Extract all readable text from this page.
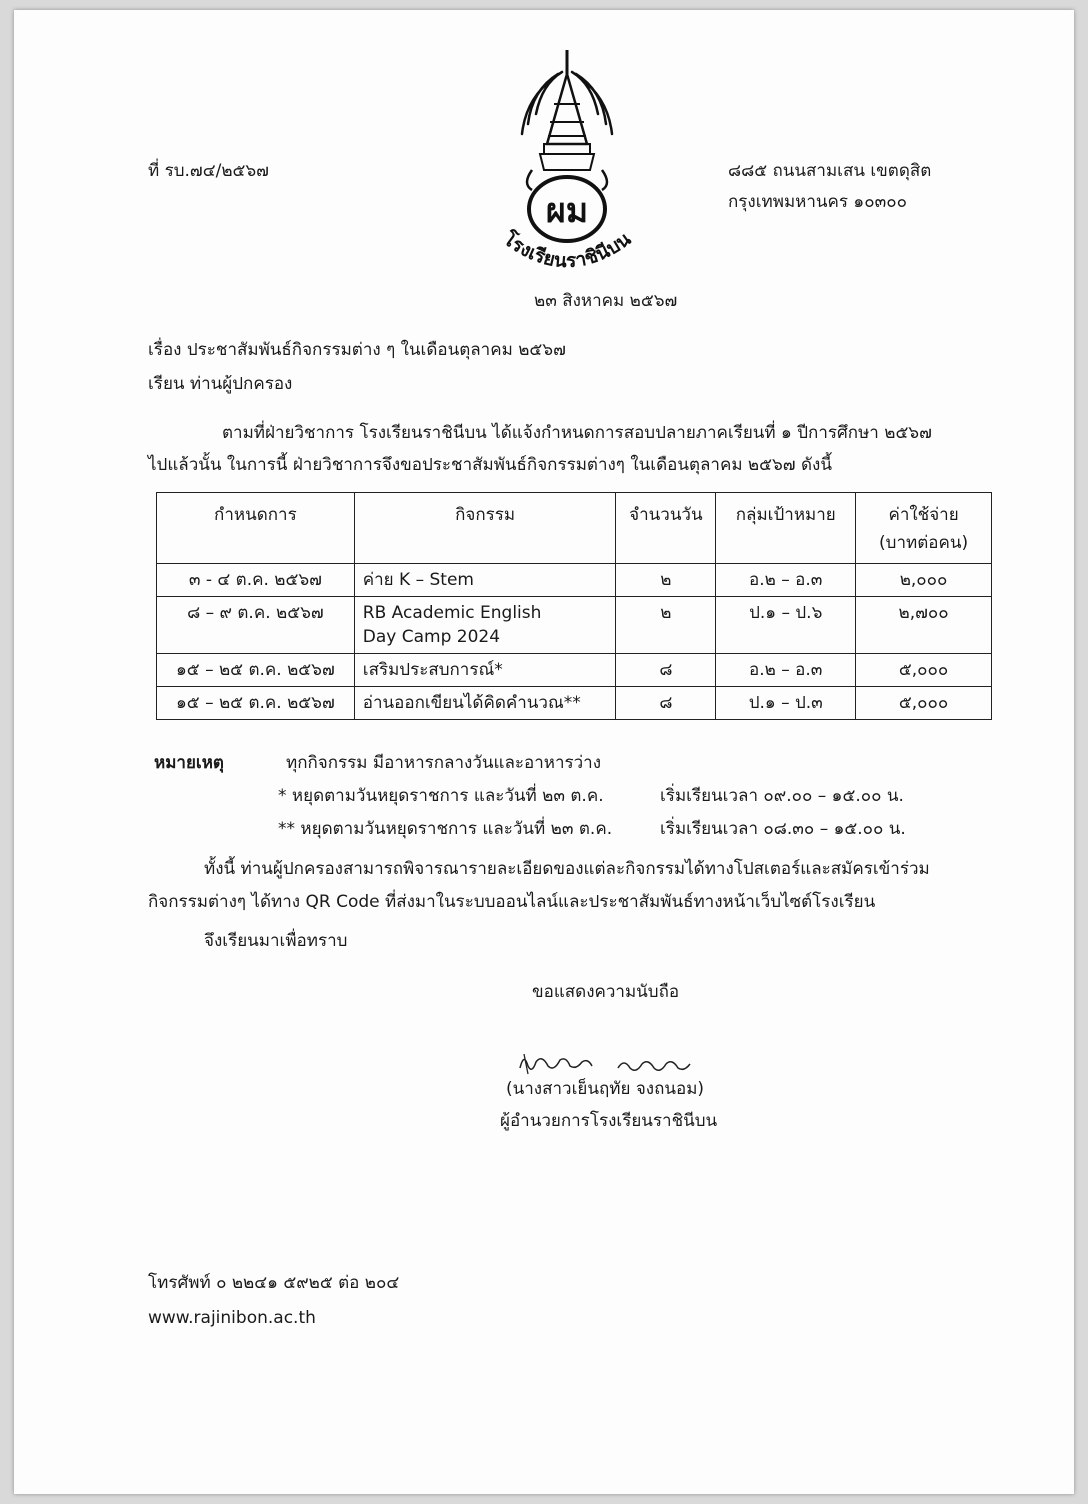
ผม
โรงเรียนราชินีบน
ที่ รบ.๗๔/๒๕๖๗	๘๘๕ ถนนสามเสน เขตดุสิต
กรุงเทพมหานคร ๑๐๓๐๐
๒๓ สิงหาคม ๒๕๖๗
เรื่อง ประชาสัมพันธ์กิจกรรมต่าง ๆ ในเดือนตุลาคม ๒๕๖๗
เรียน ท่านผู้ปกครอง
ตามที่ฝ่ายวิชาการ โรงเรียนราชินีบน ได้แจ้งกำหนดการสอบปลายภาคเรียนที่ ๑ ปีการศึกษา ๒๕๖๗
ไปแล้วนั้น ในการนี้ ฝ่ายวิชาการจึงขอประชาสัมพันธ์กิจกรรมต่างๆ ในเดือนตุลาคม ๒๕๖๗ ดังนี้
กำหนดการ	กิจกรรม	จำนวนวัน	กลุ่มเป้าหมาย	ค่าใช้จ่าย
(บาทต่อคน)
๓ - ๔ ต.ค. ๒๕๖๗	ค่าย K – Stem	๒	อ.๒ – อ.๓	๒,๐๐๐
๘ – ๙ ต.ค. ๒๕๖๗	RB Academic English
Day Camp 2024	๒	ป.๑ – ป.๖	๒,๗๐๐
๑๕ – ๒๕ ต.ค. ๒๕๖๗	เสริมประสบการณ์*	๘	อ.๒ – อ.๓	๕,๐๐๐
๑๕ – ๒๕ ต.ค. ๒๕๖๗	อ่านออกเขียนได้คิดคำนวณ**	๘	ป.๑ – ป.๓	๕,๐๐๐
หมายเหตุ	ทุกกิจกรรม มีอาหารกลางวันและอาหารว่าง
* หยุดตามวันหยุดราชการ และวันที่ ๒๓ ต.ค.	เริ่มเรียนเวลา ๐๙.๐๐ – ๑๕.๐๐ น.
** หยุดตามวันหยุดราชการ และวันที่ ๒๓ ต.ค.	เริ่มเรียนเวลา ๐๘.๓๐ – ๑๕.๐๐ น.
ทั้งนี้ ท่านผู้ปกครองสามารถพิจารณารายละเอียดของแต่ละกิจกรรมได้ทางโปสเตอร์และสมัครเข้าร่วม
กิจกรรมต่างๆ ได้ทาง QR Code ที่ส่งมาในระบบออนไลน์และประชาสัมพันธ์ทางหน้าเว็บไซต์โรงเรียน
จึงเรียนมาเพื่อทราบ
ขอแสดงความนับถือ
(นางสาวเย็นฤทัย จงถนอม)
ผู้อำนวยการโรงเรียนราชินีบน
โทรศัพท์ ๐ ๒๒๔๑ ๕๙๒๕ ต่อ ๒๐๔
www.rajinibon.ac.th
